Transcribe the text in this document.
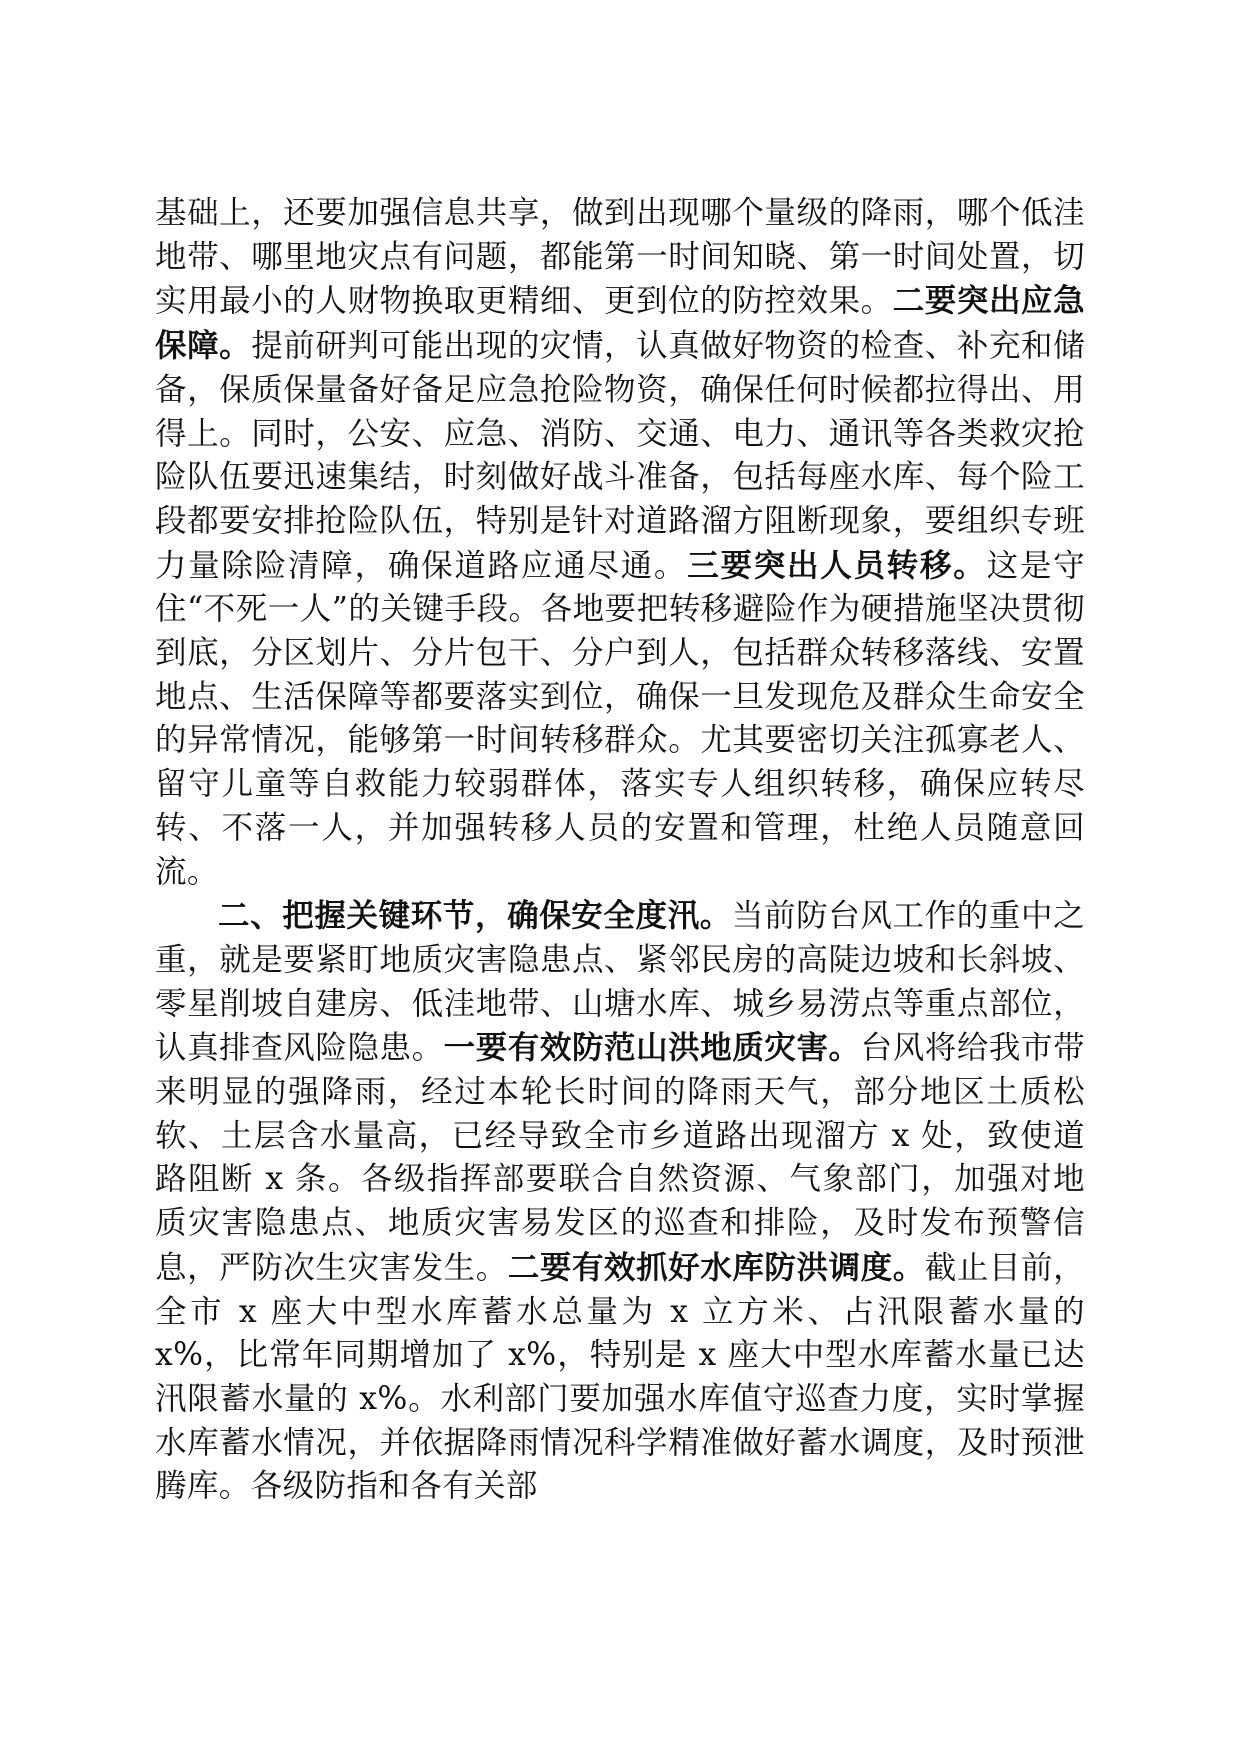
基础上，还要加强信息共享，做到出现哪个量级的降雨，哪个低洼地带、哪里地灾点有问题，都能第一时间知晓、第一时间处置，切实用最小的人财物换取更精细、更到位的防控效果。二要突出应急保障。提前研判可能出现的灾情，认真做好物资的检查、补充和储备，保质保量备好备足应急抢险物资，确保任何时候都拉得出、用得上。同时，公安、应急、消防、交通、电力、通讯等各类救灾抢险队伍要迅速集结，时刻做好战斗准备，包括每座水库、每个险工段都要安排抢险队伍，特别是针对道路溜方阻断现象，要组织专班力量除险清障，确保道路应通尽通。三要突出人员转移。这是守住“不死一人”的关键手段。各地要把转移避险作为硬措施坚决贯彻到底，分区划片、分片包干、分户到人，包括群众转移落线、安置地点、生活保障等都要落实到位，确保一旦发现危及群众生命安全的异常情况，能够第一时间转移群众。尤其要密切关注孤寡老人、留守儿童等自救能力较弱群体，落实专人组织转移，确保应转尽转、不落一人，并加强转移人员的安置和管理，杜绝人员随意回流。

二、把握关键环节，确保安全度汛。当前防台风工作的重中之重，就是要紧盯地质灾害隐患点、紧邻民房的高陡边坡和长斜坡、零星削坡自建房、低洼地带、山塘水库、城乡易涝点等重点部位，认真排查风险隐患。一要有效防范山洪地质灾害。台风将给我市带来明显的强降雨，经过本轮长时间的降雨天气，部分地区土质松软、土层含水量高，已经导致全市乡道路出现溜方 x 处，致使道路阻断 x 条。各级指挥部要联合自然资源、气象部门，加强对地质灾害隐患点、地质灾害易发区的巡查和排险，及时发布预警信息，严防次生灾害发生。二要有效抓好水库防洪调度。截止目前，全市 x 座大中型水库蓄水总量为 x 立方米、占汛限蓄水量的 x%，比常年同期增加了 x%，特别是 x 座大中型水库蓄水量已达汛限蓄水量的 x%。水利部门要加强水库值守巡查力度，实时掌握水库蓄水情况，并依据降雨情况科学精准做好蓄水调度，及时预泄腾库。各级防指和各有关部
